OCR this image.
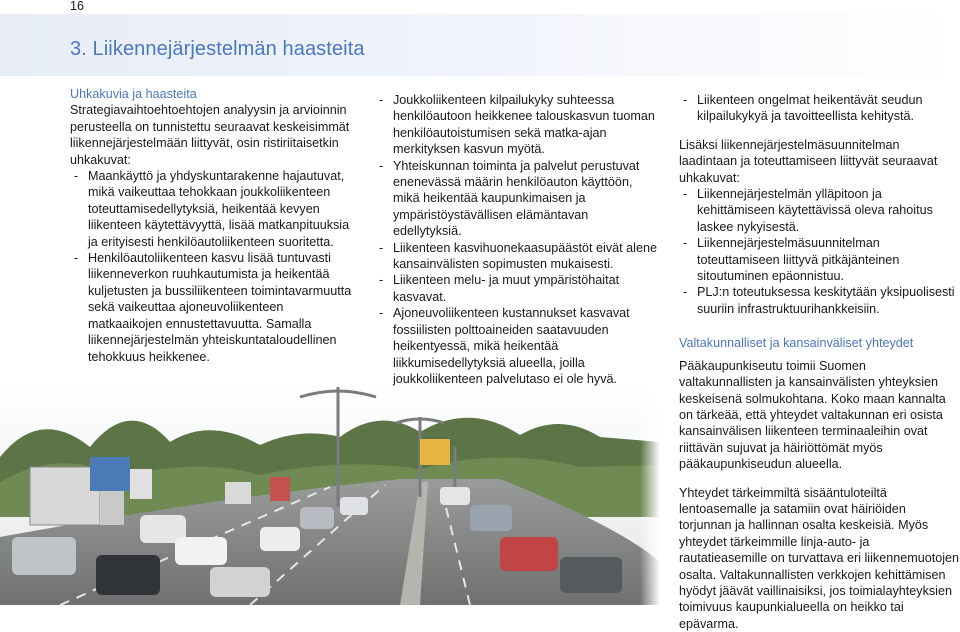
16
3. Liikennejärjestelmän haasteita

Uhkakuvia ja haasteita

Strategiavaihtoehtoehtojen analyysin ja arvioinnin perusteella on tunnistettu seuraavat keskeisimmät liikennejärjestelmään liittyvät, osin ristiriitaisetkin uhkakuvat:

- Maankäyttö ja yhdyskuntarakenne hajautuvat, mikä vaikeuttaa tehokkaan joukkoliikenteen toteuttamisedellytyksiä, heikentää kevyen liikenteen käytettävyyttä, lisää matkanpituuksia ja erityisesti henkilöautoliikenteen suoritetta.
- Henkilöautoliikenteen kasvu lisää tuntuvasti liikenneverkon ruuhkautumista ja heikentää kuljetusten ja bussiliikenteen toimintavarmuutta sekä vaikeuttaa ajoneuvoliikenteen matkaaikojen ennustettavuutta. Samalla liikennejärjestelmän yhteiskuntataloudellinen tehokkuus heikkenee.
- Joukkoliikenteen kilpailukyky suhteessa henkilöautoon heikkenee talouskasvun tuoman henkilöautoistumisen sekä matka-ajan merkityksen kasvun myötä.
- Yhteiskunnan toiminta ja palvelut perustuvat enenevässä määrin henkilöauton käyttöön, mikä heikentää kaupunkimaisen ja ympäristöystävällisen elämäntavan edellytyksiä.
- Liikenteen kasvihuonekaasupäästöt eivät alene kansainvälisten sopimusten mukaisesti.
- Liikenteen melu- ja muut ympäristöhaitat kasvavat.
- Ajoneuvoliikenteen kustannukset kasvavat fossiilisten polttoaineiden saatavuuden heikentyessä, mikä heikentää liikkumisedellytyksiä alueella, joilla joukkoliikenteen palvelutaso ei ole hyvä.
- Liikenteen ongelmat heikentävät seudun kilpailukykyä ja tavoitteellista kehitystä.

Lisäksi liikennejärjestelmäsuunnitelman laadintaan ja toteuttamiseen liittyvät seuraavat uhkakuvat:

- Liikennejärjestelmän ylläpitoon ja kehittämiseen käytettävissä oleva rahoitus laskee nykyisestä.
- Liikennejärjestelmäsuunnitelman toteuttamiseen liittyvä pitkäjänteinen sitoutuminen epäonnistuu.
- PLJ:n toteutuksessa keskitytään yksipuolisesti suuriin infrastruktuurihankkeisiin.

Valtakunnalliset ja kansainväliset yhteydet

Pääkaupunkiseutu toimii Suomen valtakunnallisten ja kansainvälisten yhteyksien keskeisenä solmukohtana. Koko maan kannalta on tärkeää, että yhteydet valtakunnan eri osista kansainvälisen liikenteen terminaaleihin ovat riittävän sujuvat ja häiriöttömät myös pääkaupunkiseudun alueella.

Yhteydet tärkeimmiltä sisääntuloteiltä lentoasemalle ja satamiin ovat häiriöiden torjunnan ja hallinnan osalta keskeisiä. Myös yhteydet tärkeimmille linja-auto- ja rautatieasemille on turvattava eri liikennemuotojen osalta. Valtakunnallisten verkkojen kehittämisen hyödyt jäävät vaillinaisiksi, jos toimialayhteyksien toimivuus kaupunkialueella on heikko tai epävarma.
